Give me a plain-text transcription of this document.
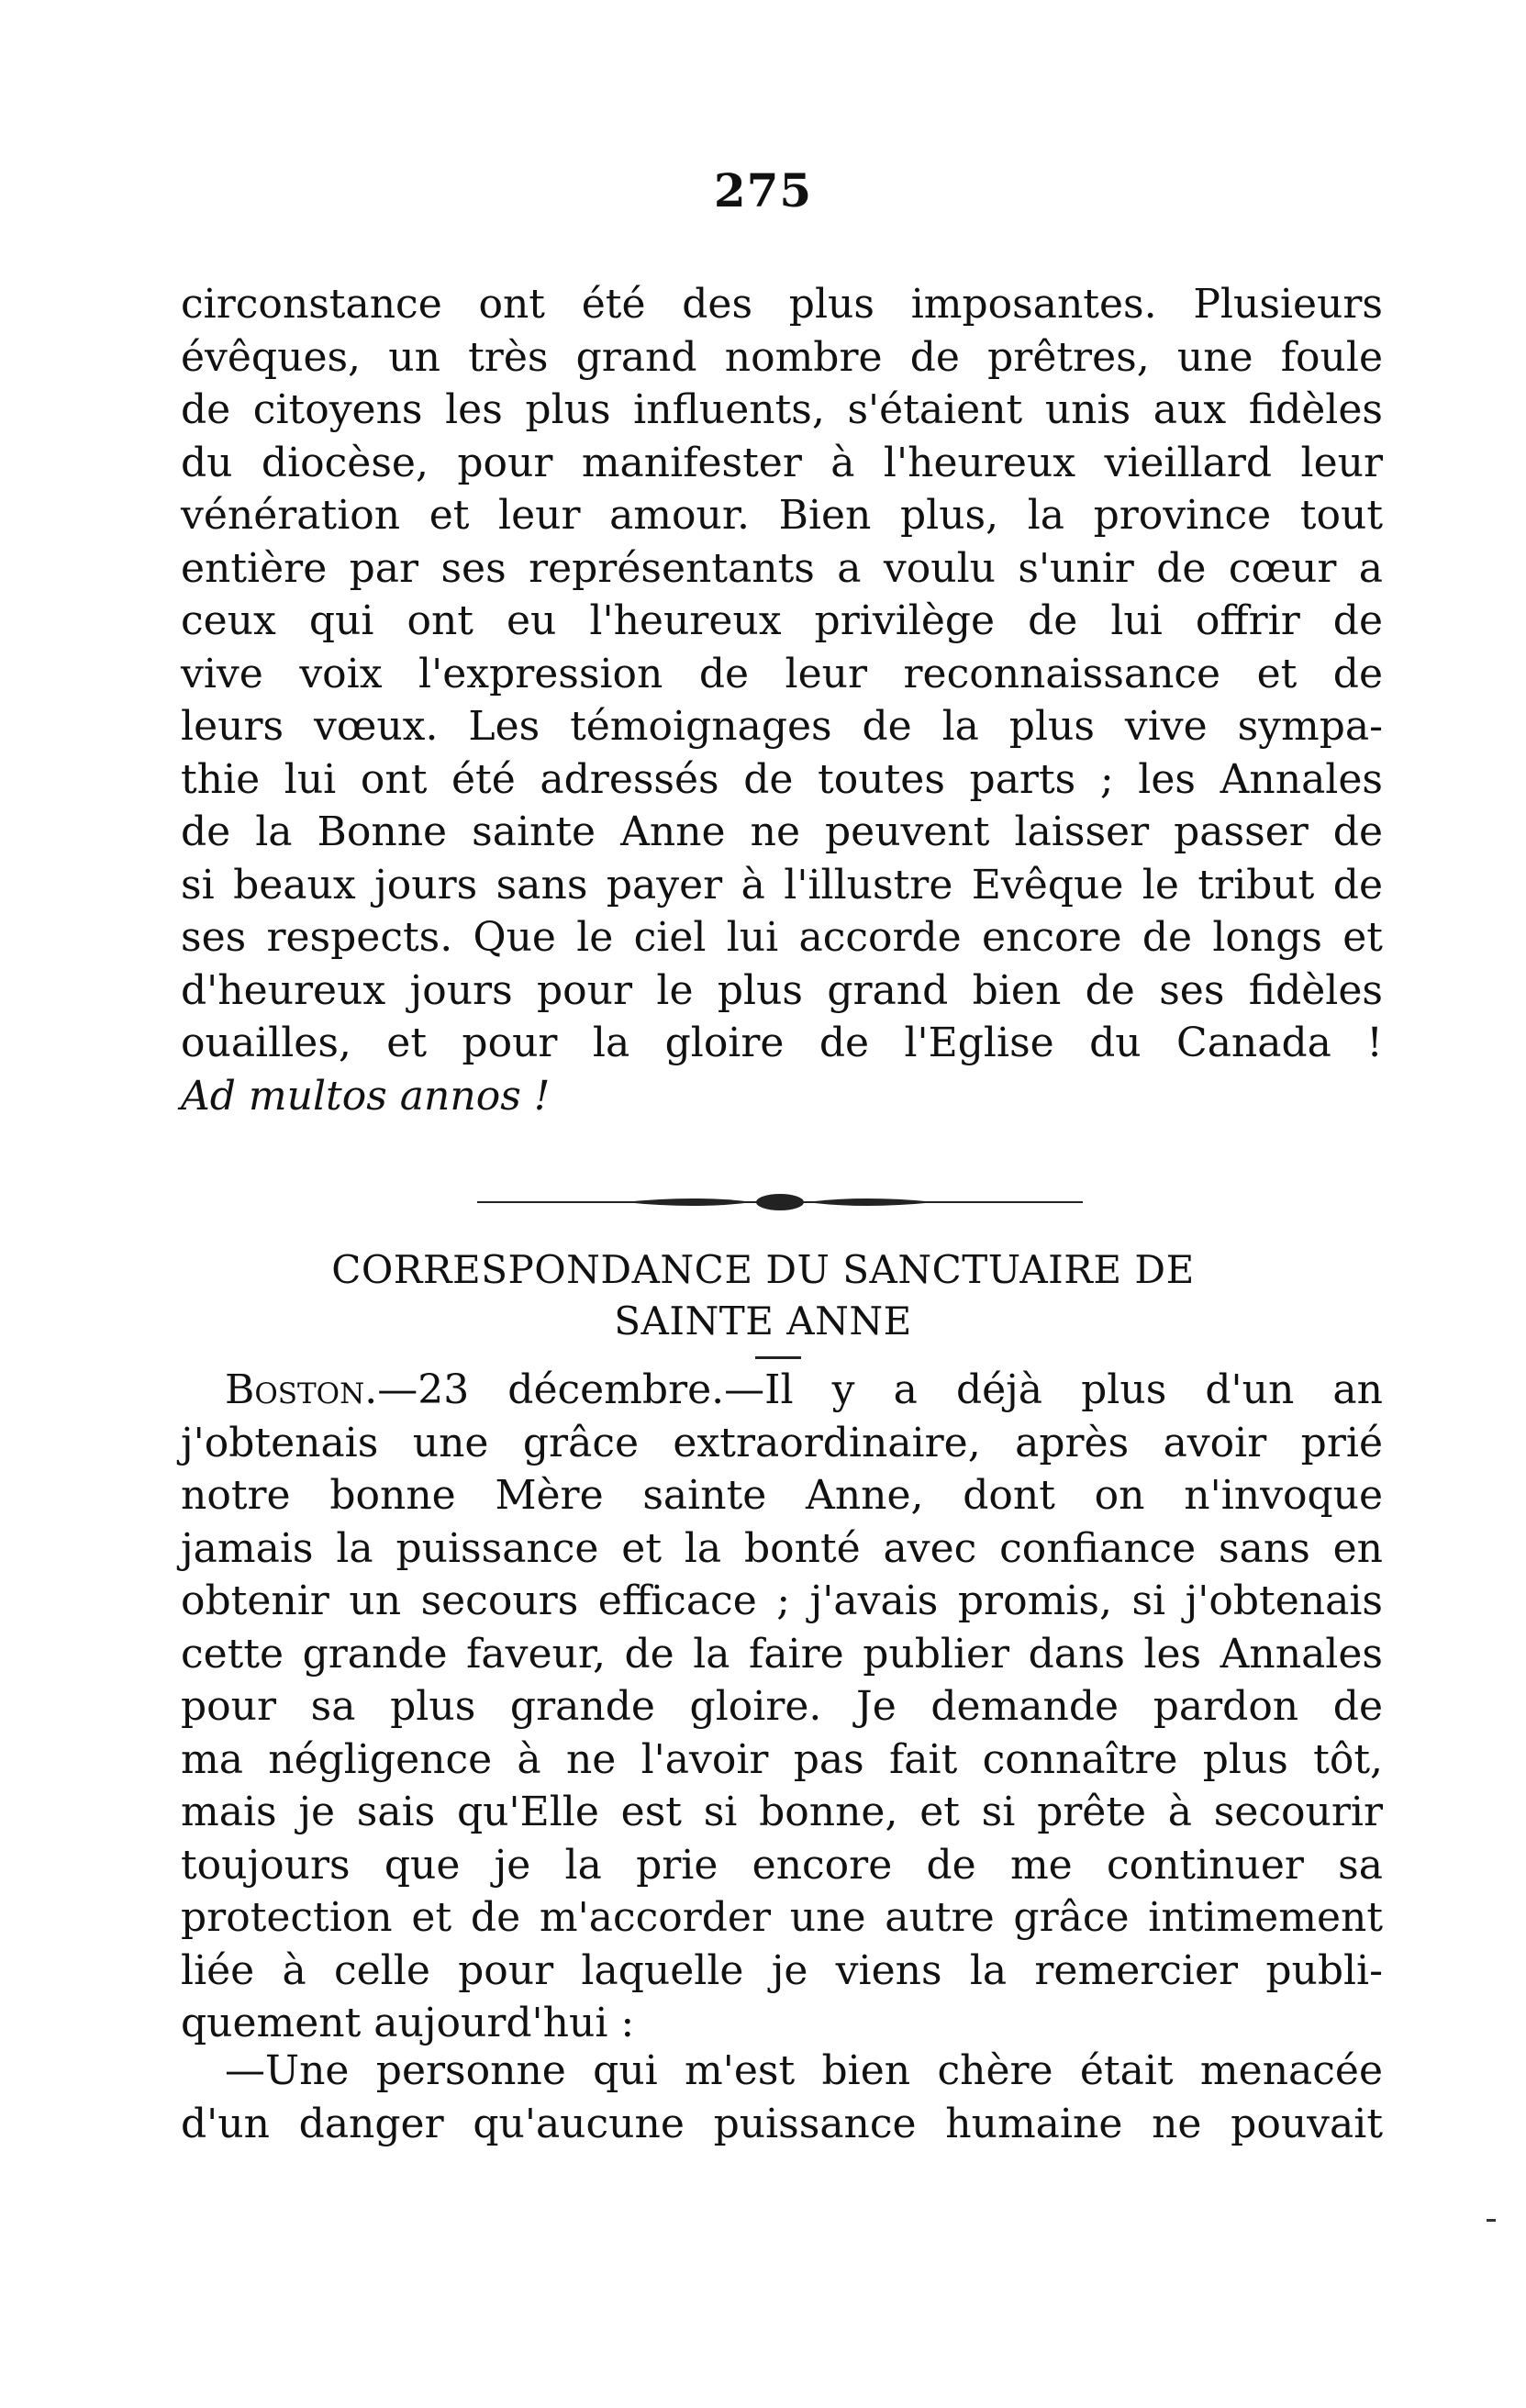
275

circonstance ont été des plus imposantes. Plusieurs

évêques, un très grand nombre de prêtres, une foule

de citoyens les plus influents, s'étaient unis aux fidèles

du diocèse, pour manifester à l'heureux vieillard leur

vénération et leur amour. Bien plus, la province tout

entière par ses représentants a voulu s'unir de cœur a

ceux qui ont eu l'heureux privilège de lui offrir de

vive voix l'expression de leur reconnaissance et de

leurs vœux. Les témoignages de la plus vive sympa-

thie lui ont été adressés de toutes parts ; les Annales

de la Bonne sainte Anne ne peuvent laisser passer de

si beaux jours sans payer à l'illustre Evêque le tribut de

ses respects. Que le ciel lui accorde encore de longs et

d'heureux jours pour le plus grand bien de ses fidèles

ouailles, et pour la gloire de l'Eglise du Canada !

Ad multos annos !

CORRESPONDANCE DU SANCTUAIRE DE
SAINTE ANNE

Boston.—23 décembre.—Il y a déjà plus d'un an

j'obtenais une grâce extraordinaire, après avoir prié

notre bonne Mère sainte Anne, dont on n'invoque

jamais la puissance et la bonté avec confiance sans en

obtenir un secours efficace ; j'avais promis, si j'obtenais

cette grande faveur, de la faire publier dans les Annales

pour sa plus grande gloire. Je demande pardon de

ma négligence à ne l'avoir pas fait connaître plus tôt,

mais je sais qu'Elle est si bonne, et si prête à secourir

toujours que je la prie encore de me continuer sa

protection et de m'accorder une autre grâce intimement

liée à celle pour laquelle je viens la remercier publi-

quement aujourd'hui :

—Une personne qui m'est bien chère était menacée

d'un danger qu'aucune puissance humaine ne pouvait
